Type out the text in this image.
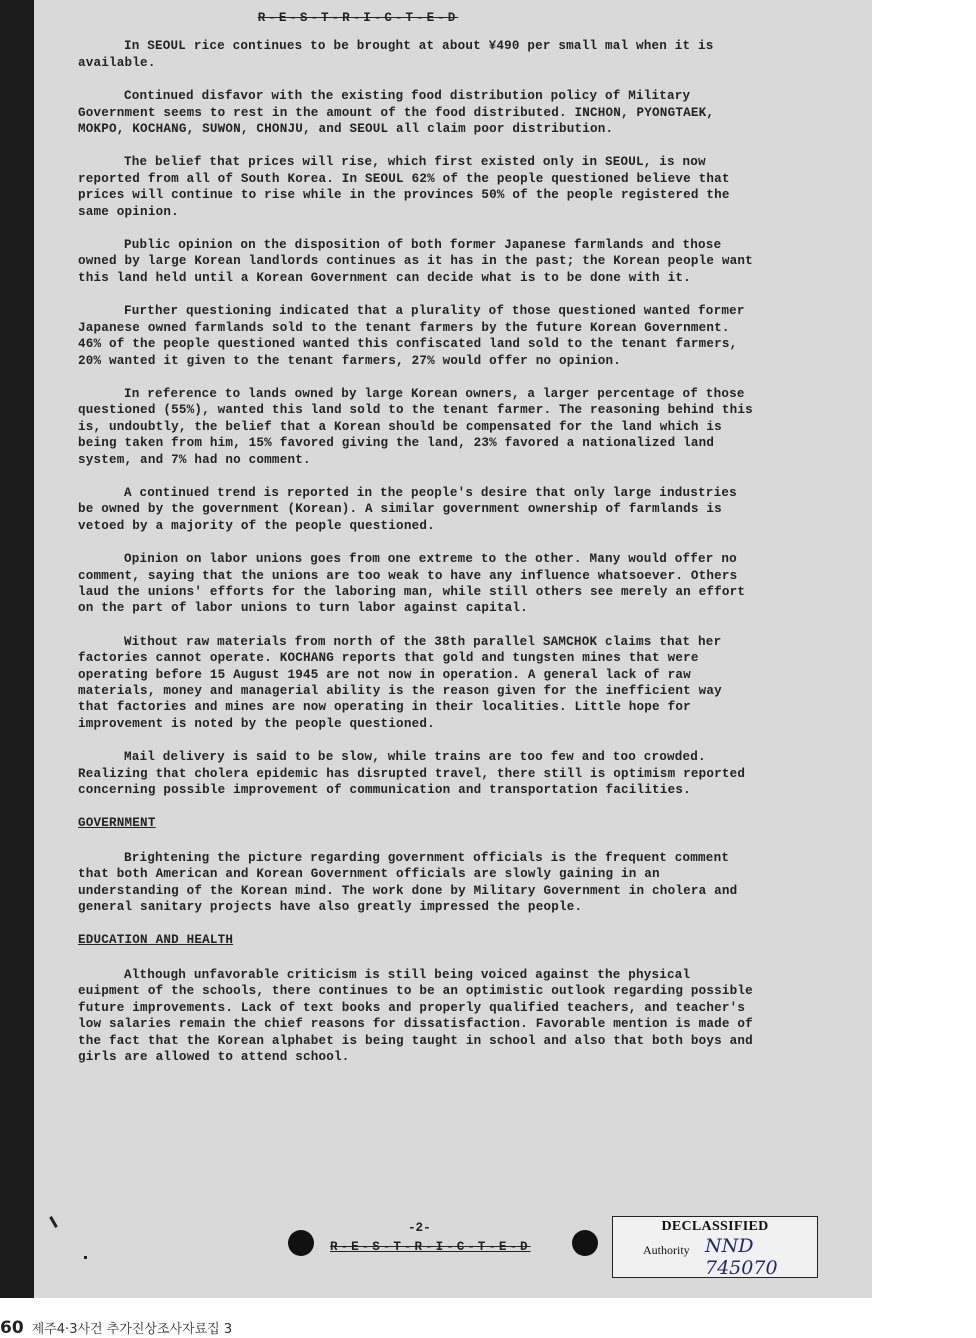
R-E-S-T-R-I-C-T-E-D
In SEOUL rice continues to be brought at about ¥490 per small mal when it is available.
Continued disfavor with the existing food distribution policy of Military Government seems to rest in the amount of the food distributed. INCHON, PYONGTAEK, MOKPO, KOCHANG, SUWON, CHONJU, and SEOUL all claim poor distribution.
The belief that prices will rise, which first existed only in SEOUL, is now reported from all of South Korea. In SEOUL 62% of the people questioned believe that prices will continue to rise while in the provinces 50% of the people registered the same opinion.
Public opinion on the disposition of both former Japanese farmlands and those owned by large Korean landlords continues as it has in the past; the Korean people want this land held until a Korean Government can decide what is to be done with it.
Further questioning indicated that a plurality of those questioned wanted former Japanese owned farmlands sold to the tenant farmers by the future Korean Government. 46% of the people questioned wanted this confiscated land sold to the tenant farmers, 20% wanted it given to the tenant farmers, 27% would offer no opinion.
In reference to lands owned by large Korean owners, a larger percentage of those questioned (55%), wanted this land sold to the tenant farmer. The reasoning behind this is, undoubtly, the belief that a Korean should be compensated for the land which is being taken from him, 15% favored giving the land, 23% favored a nationalized land system, and 7% had no comment.
A continued trend is reported in the people's desire that only large industries be owned by the government (Korean). A similar government ownership of farmlands is vetoed by a majority of the people questioned.
Opinion on labor unions goes from one extreme to the other. Many would offer no comment, saying that the unions are too weak to have any influence whatsoever. Others laud the unions' efforts for the laboring man, while still others see merely an effort on the part of labor unions to turn labor against capital.
Without raw materials from north of the 38th parallel SAMCHOK claims that her factories cannot operate. KOCHANG reports that gold and tungsten mines that were operating before 15 August 1945 are not now in operation. A general lack of raw materials, money and managerial ability is the reason given for the inefficient way that factories and mines are now operating in their localities. Little hope for improvement is noted by the people questioned.
Mail delivery is said to be slow, while trains are too few and too crowded. Realizing that cholera epidemic has disrupted travel, there still is optimism reported concerning possible improvement of communication and transportation facilities.
GOVERNMENT
Brightening the picture regarding government officials is the frequent comment that both American and Korean Government officials are slowly gaining in an understanding of the Korean mind. The work done by Military Government in cholera and general sanitary projects have also greatly impressed the people.
EDUCATION AND HEALTH
Although unfavorable criticism is still being voiced against the physical euipment of the schools, there continues to be an optimistic outlook regarding possible future improvements. Lack of text books and properly qualified teachers, and teacher's low salaries remain the chief reasons for dissatisfaction. Favorable mention is made of the fact that the Korean alphabet is being taught in school and also that both boys and girls are allowed to attend school.
-2-
R-E-S-T-R-I-C-T-E-D
DECLASSIFIED
Authority NND 745070
60 제주4·3사건 추가진상조사자료집 3
